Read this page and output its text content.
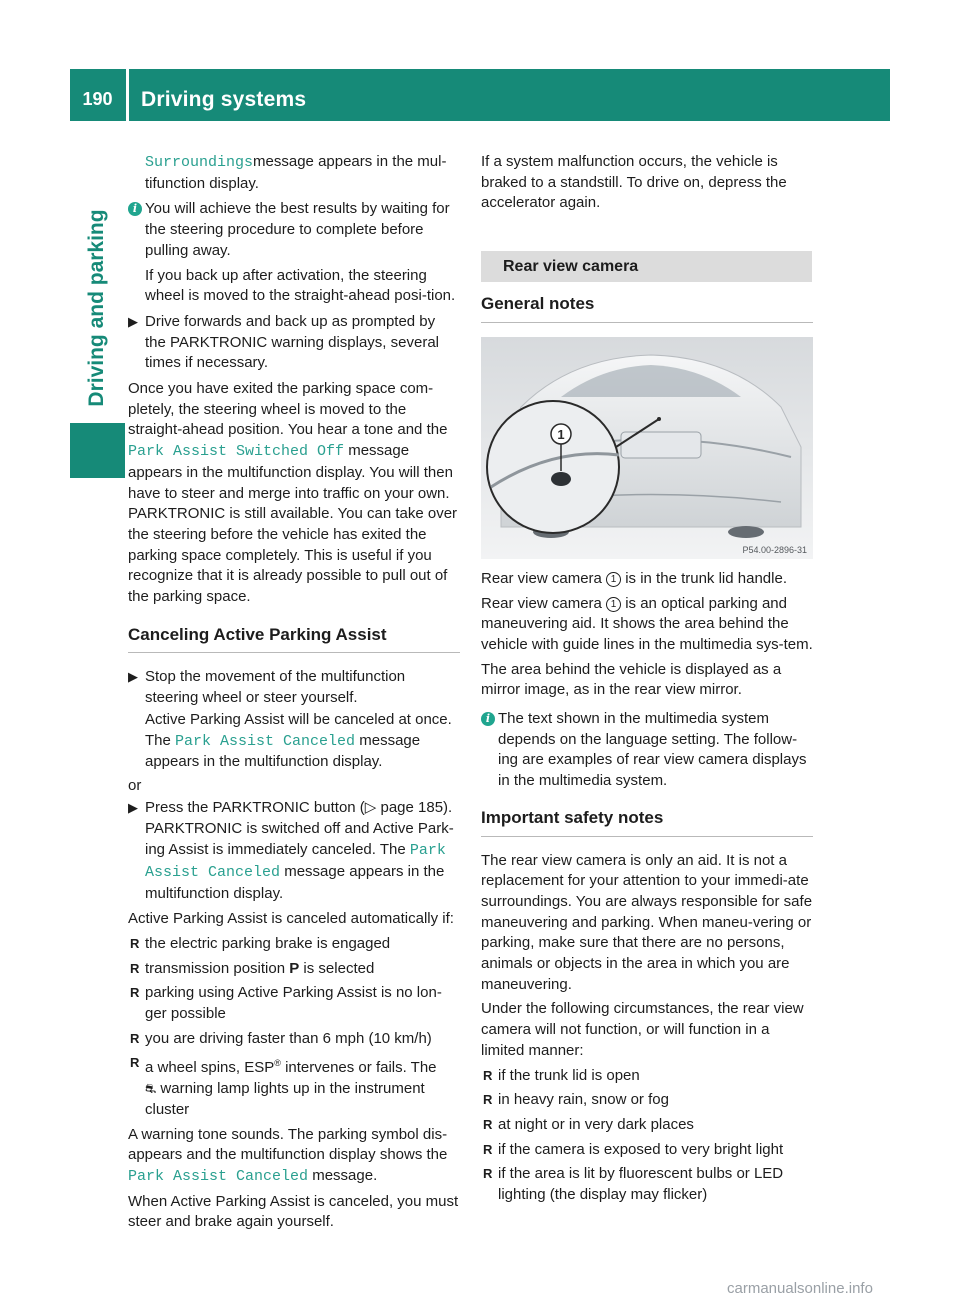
190	Driving systems
Driving and parking

Surroundingsmessage appears in the mul-tifunction display.

i You will achieve the best results by waiting for the steering procedure to complete before pulling away.

If you back up after activation, the steering wheel is moved to the straight-ahead posi-tion.

▶ Drive forwards and back up as prompted by the PARKTRONIC warning displays, several times if necessary.

Once you have exited the parking space com-pletely, the steering wheel is moved to the straight-ahead position. You hear a tone and the Park Assist Switched Off message appears in the multifunction display. You will then have to steer and merge into traffic on your own. PARKTRONIC is still available. You can take over the steering before the vehicle has exited the parking space completely. This is useful if you recognize that it is already possible to pull out of the parking space.

Canceling Active Parking Assist

▶ Stop the movement of the multifunction steering wheel or steer yourself.

Active Parking Assist will be canceled at once. The Park Assist Canceled message appears in the multifunction display.

or

▶ Press the PARKTRONIC button (▷ page 185).

PARKTRONIC is switched off and Active Park-ing Assist is immediately canceled. The Park Assist Canceled message appears in the multifunction display.

Active Parking Assist is canceled automatically if:

R the electric parking brake is engaged

R transmission position P is selected

R parking using Active Parking Assist is no lon-ger possible

R you are driving faster than 6 mph (10 km/h)

R a wheel spins, ESP® intervenes or fails. The
⛐ warning lamp lights up in the instrument cluster

A warning tone sounds. The parking symbol dis-appears and the multifunction display shows the Park Assist Canceled message.

When Active Parking Assist is canceled, you must steer and brake again yourself.

If a system malfunction occurs, the vehicle is braked to a standstill. To drive on, depress the accelerator again.

Rear view camera
General notes
1
P54.00-2896-31

Rear view camera 1 is in the trunk lid handle.

Rear view camera 1 is an optical parking and maneuvering aid. It shows the area behind the vehicle with guide lines in the multimedia sys-tem.

The area behind the vehicle is displayed as a mirror image, as in the rear view mirror.

i The text shown in the multimedia system depends on the language setting. The follow-ing are examples of rear view camera displays in the multimedia system.

Important safety notes

The rear view camera is only an aid. It is not a replacement for your attention to your immedi-ate surroundings. You are always responsible for safe maneuvering and parking. When maneu-vering or parking, make sure that there are no persons, animals or objects in the area in which you are maneuvering.

Under the following circumstances, the rear view camera will not function, or will function in a limited manner:

R if the trunk lid is open

R in heavy rain, snow or fog

R at night or in very dark places

R if the camera is exposed to very bright light

R if the area is lit by fluorescent bulbs or LED lighting (the display may flicker)

carmanualsonline.info
